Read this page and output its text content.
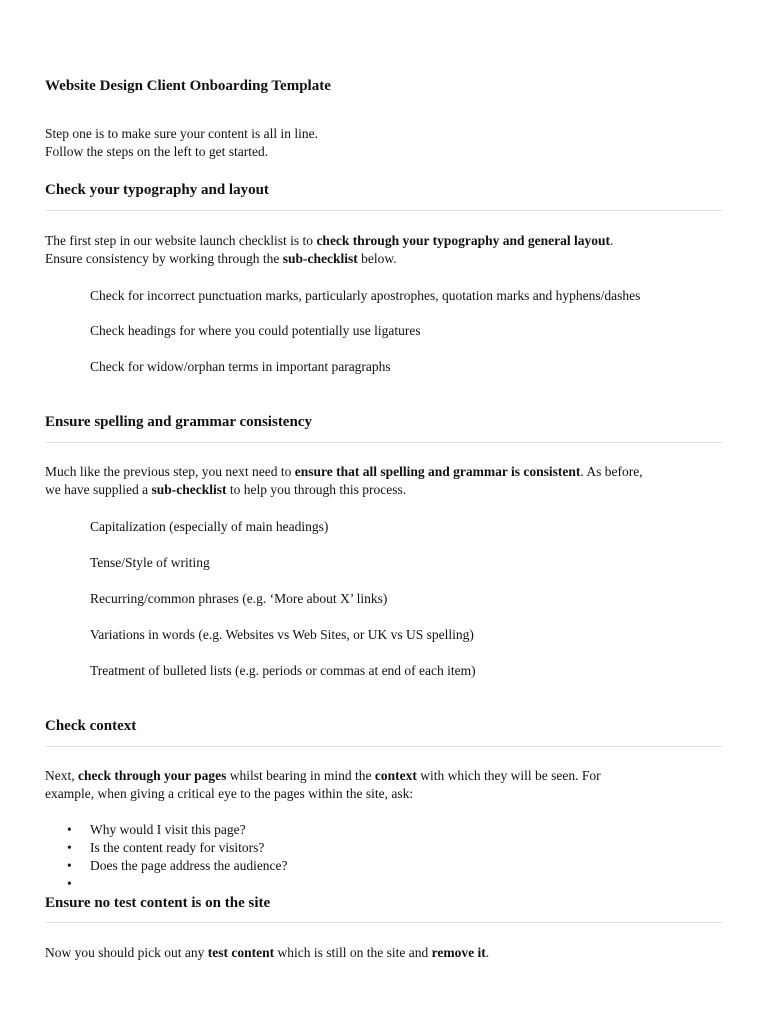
Website Design Client Onboarding Template

Step one is to make sure your content is all in line.
Follow the steps on the left to get started.

Check your typography and layout

The first step in our website launch checklist is to check through your typography and general layout.
Ensure consistency by working through the sub-checklist below.

Check for incorrect punctuation marks, particularly apostrophes, quotation marks and hyphens/dashes

Check headings for where you could potentially use ligatures

Check for widow/orphan terms in important paragraphs

Ensure spelling and grammar consistency

Much like the previous step, you next need to ensure that all spelling and grammar is consistent. As before,
we have supplied a sub-checklist to help you through this process.

Capitalization (especially of main headings)

Tense/Style of writing

Recurring/common phrases (e.g. ‘More about X’ links)

Variations in words (e.g. Websites vs Web Sites, or UK vs US spelling)

Treatment of bulleted lists (e.g. periods or commas at end of each item)

Check context

Next, check through your pages whilst bearing in mind the context with which they will be seen. For
example, when giving a critical eye to the pages within the site, ask:

• Why would I visit this page?
• Is the content ready for visitors?
• Does the page address the audience?
•
Ensure no test content is on the site

Now you should pick out any test content which is still on the site and remove it.
